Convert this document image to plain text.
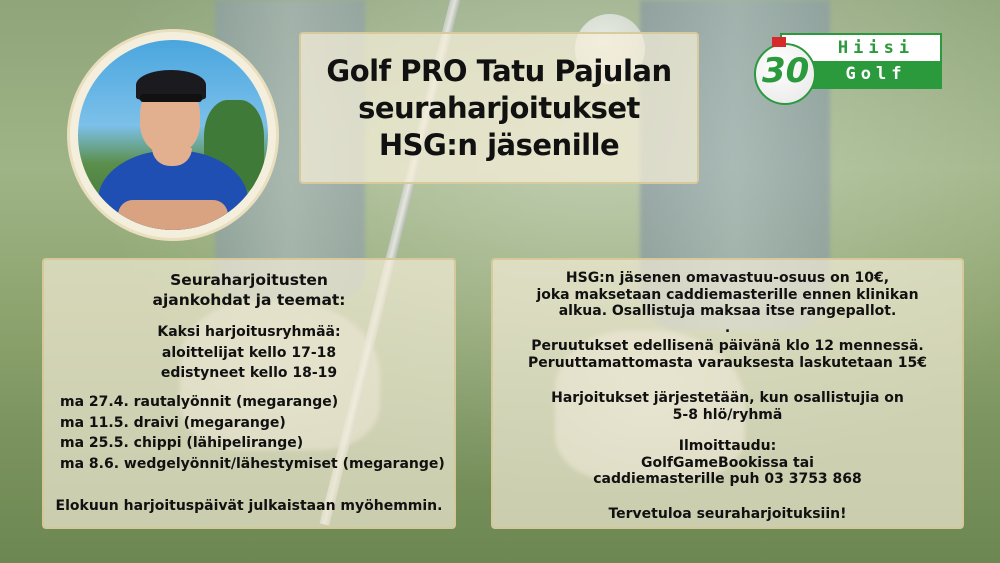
Golf PRO Tatu Pajulan
seuraharjoitukset
HSG:n jäsenille
Hiisi
Golf
30
Seuraharjoitusten
ajankohdat ja teemat:
Kaksi harjoitusryhmää:
aloittelijat kello 17-18
edistyneet kello 18-19
ma 27.4. rautalyönnit (megarange)
ma 11.5. draivi (megarange)
ma 25.5. chippi (lähipelirange)
ma 8.6. wedgelyönnit/lähestymiset (megarange)
Elokuun harjoituspäivät julkaistaan myöhemmin.
HSG:n jäsenen omavastuu-osuus on 10€,
joka maksetaan caddiemasterille ennen klinikan
alkua. Osallistuja maksaa itse rangepallot.
.
Peruutukset edellisenä päivänä klo 12 mennessä.
Peruuttamattomasta varauksesta laskutetaan 15€
Harjoitukset järjestetään, kun osallistujia on
5-8 hlö/ryhmä
Ilmoittaudu:
GolfGameBookissa tai
caddiemasterille puh 03 3753 868
Tervetuloa seuraharjoituksiin!
